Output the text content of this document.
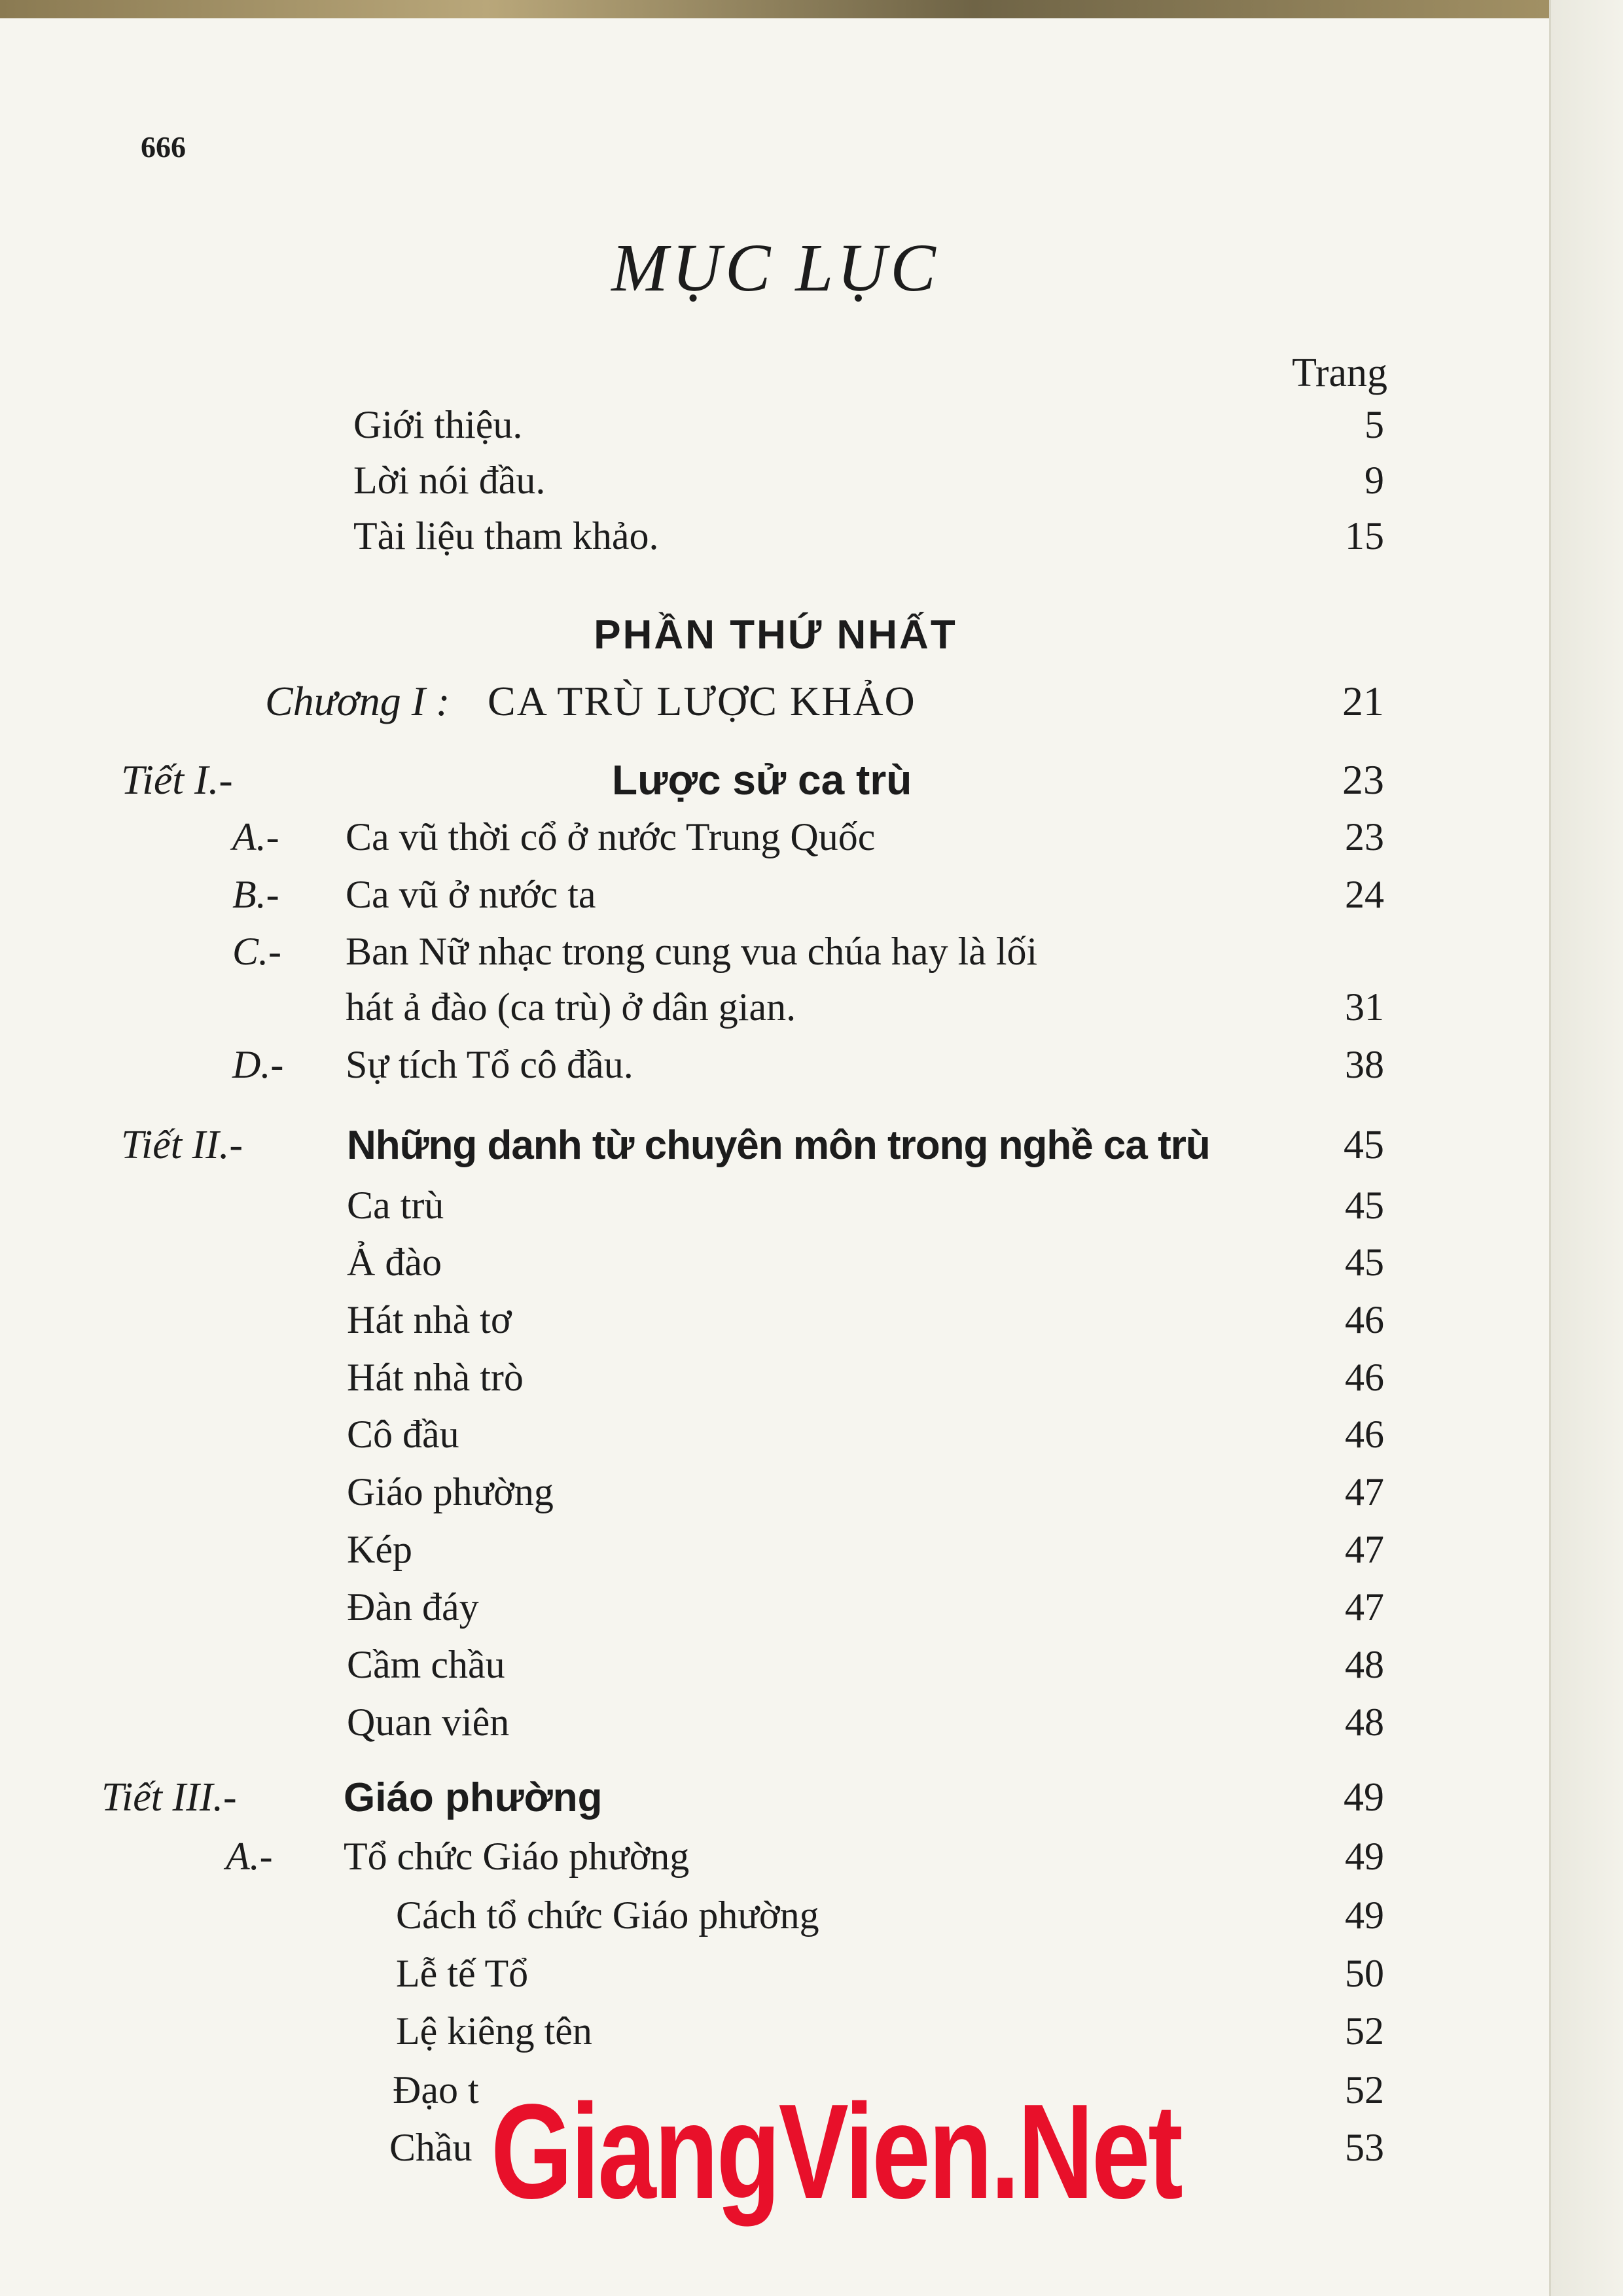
666
MỤC LỤC
Trang
Giới thiệu.	5
Lời nói đầu.	9
Tài liệu tham khảo.	15
PHẦN THỨ NHẤT
Chương I : CA TRÙ LƯỢC KHẢO	21
Tiết I.-	Lược sử ca trù	23
A.- Ca vũ thời cổ ở nước Trung Quốc	23
B.- Ca vũ ở nước ta	24
C.- Ban Nữ nhạc trong cung vua chúa hay là lối
hát ả đào (ca trù) ở dân gian.	31
D.- Sự tích Tổ cô đầu.	38
Tiết II.-	Những danh từ chuyên môn trong nghề ca trù	45
Ca trù	45
Ả đào	45
Hát nhà tơ	46
Hát nhà trò	46
Cô đầu	46
Giáo phường	47
Kép	47
Đàn đáy	47
Cầm chầu	48
Quan viên	48
Tiết III.-	Giáo phường	49
A.- Tổ chức Giáo phường	49
Cách tổ chức Giáo phường	49
Lễ tế Tổ	50
Lệ kiêng tên	52
Đạo t	52
Chầu	53
GiangVien.Net
